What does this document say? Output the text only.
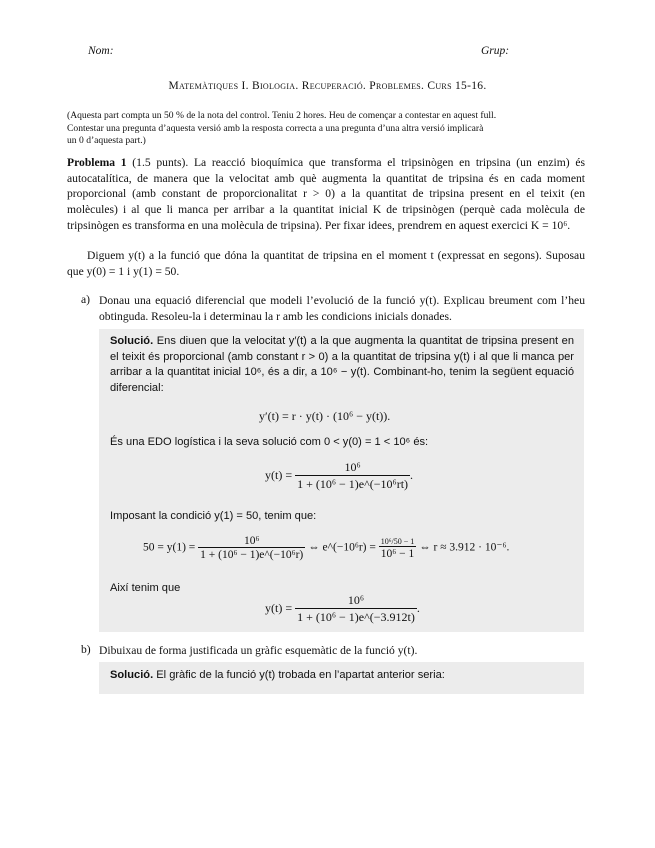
Nom:	Grup:
Matemàtiques I. Biologia. Recuperació. Problemes. Curs 15-16.
(Aquesta part compta un 50 % de la nota del control. Teniu 2 hores. Heu de començar a contestar en aquest full.
Contestar una pregunta d’aquesta versió amb la resposta correcta a una pregunta d’una altra versió implicarà
un 0 d’aquesta part.)
Problema 1 (1.5 punts). La reacció bioquímica que transforma el tripsinògen en tripsina (un enzim) és autocatalítica, de manera que la velocitat amb què augmenta la quantitat de tripsina és en cada moment proporcional (amb constant de proporcionalitat r > 0) a la quantitat de tripsina present en el teixit (en molècules) i al que li manca per arribar a la quantitat inicial K de tripsinògen (perquè cada molècula de tripsinògen es transforma en una molècula de tripsina). Per fixar idees, prendrem en aquest exercici K = 10⁶.
Diguem y(t) a la funció que dóna la quantitat de tripsina en el moment t (expressat en segons). Suposau que y(0) = 1 i y(1) = 50.
a) Donau una equació diferencial que modeli l’evolució de la funció y(t). Explicau breument com l’heu obtinguda. Resoleu-la i determinau la r amb les condicions inicials donades.
Solució. Ens diuen que la velocitat y′(t) a la que augmenta la quantitat de tripsina present en el teixit és proporcional (amb constant r > 0) a la quantitat de tripsina y(t) i al que li manca per arribar a la quantitat inicial 10⁶, és a dir, a 10⁶ − y(t). Combinant-ho, tenim la següent equació diferencial:
y′(t) = r · y(t) · (10⁶ − y(t)).
És una EDO logística i la seva solució com 0 < y(0) = 1 < 10⁶ és:
$y(t) = \frac{\text{10⁶}}{\text{1 + (10⁶ − 1)e\textasciicircum{}(−10⁶rt)}}$ .
Imposant la condició y(1) = 50, tenim que:
$50 = y(1) = \frac{\text{10⁶}}{\text{1 + (10⁶ − 1)e\textasciicircum{}(−10⁶r)}}$ ⇔ e^(−10⁶r) = $\frac{\text{10⁶/50 − 1}}{\text{10⁶ − 1}}$ ⇔ r ≈ 3.912 · 10⁻⁶.
Així tenim que
$y(t) = \frac{\text{10⁶}}{\text{1 + (10⁶ − 1)e\textasciicircum{}(−3.912t)}}$ .
b) Dibuixau de forma justificada un gràfic esquemàtic de la funció y(t).
Solució. El gràfic de la funció y(t) trobada en l’apartat anterior seria:
